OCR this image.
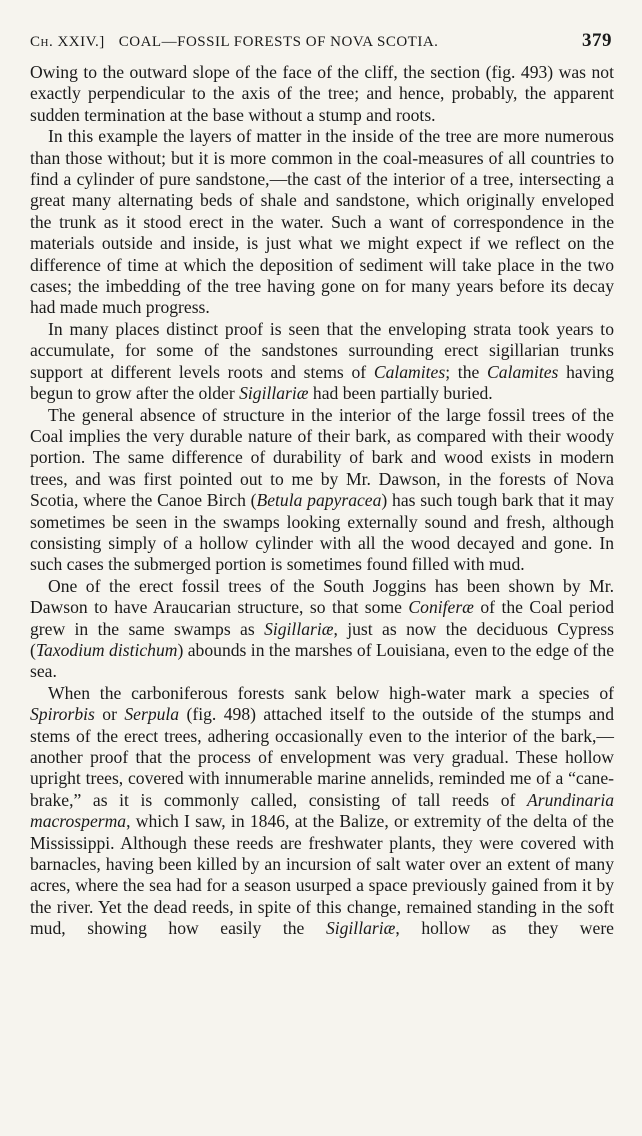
Ch. XXIV.] COAL—FOSSIL FORESTS OF NOVA SCOTIA.	379

Owing to the outward slope of the face of the cliff, the section (fig. 493) was not exactly perpendicular to the axis of the tree; and hence, probably, the apparent sudden termination at the base without a stump and roots.

In this example the layers of matter in the inside of the tree are more numerous than those without; but it is more common in the coal-measures of all countries to find a cylinder of pure sandstone,—the cast of the interior of a tree, intersecting a great many alternating beds of shale and sandstone, which originally enveloped the trunk as it stood erect in the water. Such a want of correspondence in the materials outside and inside, is just what we might expect if we reflect on the difference of time at which the deposition of sediment will take place in the two cases; the imbedding of the tree having gone on for many years before its decay had made much progress.

In many places distinct proof is seen that the enveloping strata took years to accumulate, for some of the sandstones surrounding erect sigillarian trunks support at different levels roots and stems of Calamites; the Calamites having begun to grow after the older Sigillariæ had been partially buried.

The general absence of structure in the interior of the large fossil trees of the Coal implies the very durable nature of their bark, as compared with their woody portion. The same difference of durability of bark and wood exists in modern trees, and was first pointed out to me by Mr. Dawson, in the forests of Nova Scotia, where the Canoe Birch (Betula papyracea) has such tough bark that it may sometimes be seen in the swamps looking externally sound and fresh, although consisting simply of a hollow cylinder with all the wood decayed and gone. In such cases the submerged portion is sometimes found filled with mud.

One of the erect fossil trees of the South Joggins has been shown by Mr. Dawson to have Araucarian structure, so that some Coniferæ of the Coal period grew in the same swamps as Sigillariæ, just as now the deciduous Cypress (Taxodium distichum) abounds in the marshes of Louisiana, even to the edge of the sea.

When the carboniferous forests sank below high-water mark a species of Spirorbis or Serpula (fig. 498) attached itself to the outside of the stumps and stems of the erect trees, adhering occasionally even to the interior of the bark,—another proof that the process of envelopment was very gradual. These hollow upright trees, covered with innumerable marine annelids, reminded me of a “cane-brake,” as it is commonly called, consisting of tall reeds of Arundinaria macrosperma, which I saw, in 1846, at the Balize, or extremity of the delta of the Mississippi. Although these reeds are freshwater plants, they were covered with barnacles, having been killed by an incursion of salt water over an extent of many acres, where the sea had for a season usurped a space previously gained from it by the river. Yet the dead reeds, in spite of this change, remained standing in the soft mud, showing how easily the Sigillariæ, hollow as they were
